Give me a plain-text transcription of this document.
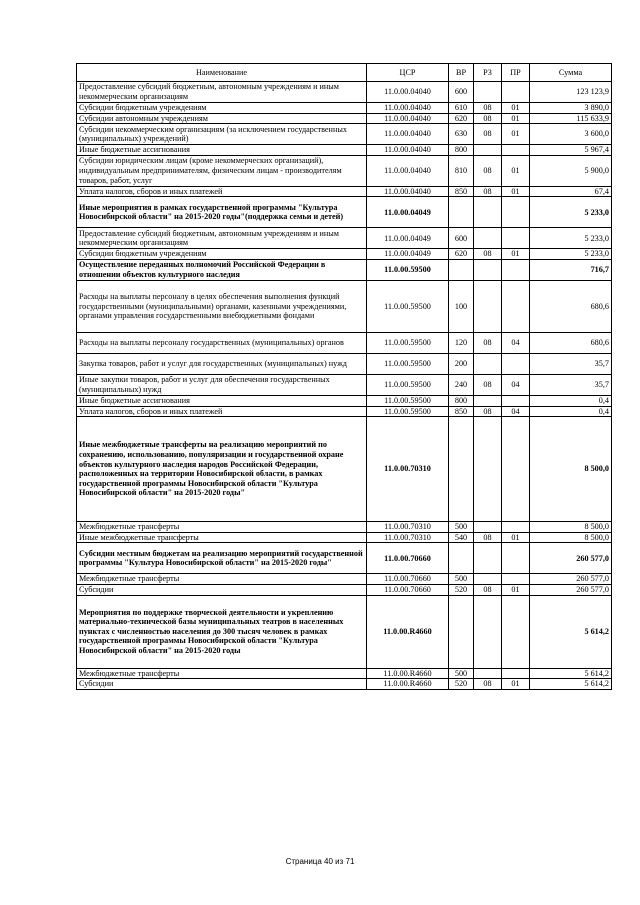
Наименование	ЦСР	ВР	РЗ	ПР	Сумма
Предоставление субсидий бюджетным, автономным учреждениям и иным некоммерческим организациям	11.0.00.04040	600			123 123,9
Субсидии бюджетным учреждениям	11.0.00.04040	610	08	01	3 890,0
Субсидии автономным учреждениям	11.0.00.04040	620	08	01	115 633,9
Субсидии некоммерческим организациям (за исключением государственных (муниципальных) учреждений)	11.0.00.04040	630	08	01	3 600,0
Иные бюджетные ассигнования	11.0.00.04040	800			5 967,4
Субсидии юридическим лицам (кроме некоммерческих организаций), индивидуальным предпринимателям, физическим лицам - производителям товаров, работ, услуг	11.0.00.04040	810	08	01	5 900,0
Уплата налогов, сборов и иных платежей	11.0.00.04040	850	08	01	67,4
Иные мероприятия в рамках государственной программы "Культура Новосибирской области" на 2015-2020 годы"(поддержка семьи и детей)	11.0.00.04049				5 233,0
Предоставление субсидий бюджетным, автономным учреждениям и иным некоммерческим организациям	11.0.00.04049	600			5 233,0
Субсидии бюджетным учреждениям	11.0.00.04049	620	08	01	5 233,0
Осуществление переданных полномочий Российской Федерации в отношении объектов культурного наследия	11.0.00.59500				716,7
Расходы на выплаты персоналу в целях обеспечения выполнения функций государственными (муниципальными) органами, казенными учреждениями, органами управления государственными внебюджетными фондами	11.0.00.59500	100			680,6
Расходы на выплаты персоналу государственных (муниципальных) органов	11.0.00.59500	120	08	04	680,6
Закупка товаров, работ и услуг для государственных (муниципальных) нужд	11.0.00.59500	200			35,7
Иные закупки товаров, работ и услуг для обеспечения государственных (муниципальных) нужд	11.0.00.59500	240	08	04	35,7
Иные бюджетные ассигнования	11.0.00.59500	800			0,4
Уплата налогов, сборов и иных платежей	11.0.00.59500	850	08	04	0,4
Иные межбюджетные трансферты на реализацию мероприятий по сохранению, использованию, популяризации и государственной охране объектов культурного наследия народов Российской Федерации, расположенных на территории Новосибирской области, в рамках государственной программы Новосибирской области "Культура Новосибирской области" на 2015-2020 годы"	11.0.00.70310				8 500,0
Межбюджетные трансферты	11.0.00.70310	500			8 500,0
Иные межбюджетные трансферты	11.0.00.70310	540	08	01	8 500,0
Субсидии местным бюджетам на реализацию мероприятий государственной программы "Культура Новосибирской области" на 2015-2020 годы"	11.0.00.70660				260 577,0
Межбюджетные трансферты	11.0.00.70660	500			260 577,0
Субсидии	11.0.00.70660	520	08	01	260 577,0
Мероприятия по поддержке творческой деятельности и укреплению материально-технической базы муниципальных театров в населенных пунктах с численностью населения до 300 тысяч человек в рамках государственной программы Новосибирской области "Культура Новосибирской области" на 2015-2020 годы	11.0.00.R4660				5 614,2
Межбюджетные трансферты	11.0.00.R4660	500			5 614,2
Субсидии	11.0.00.R4660	520	08	01	5 614,2
Страница 40 из 71
